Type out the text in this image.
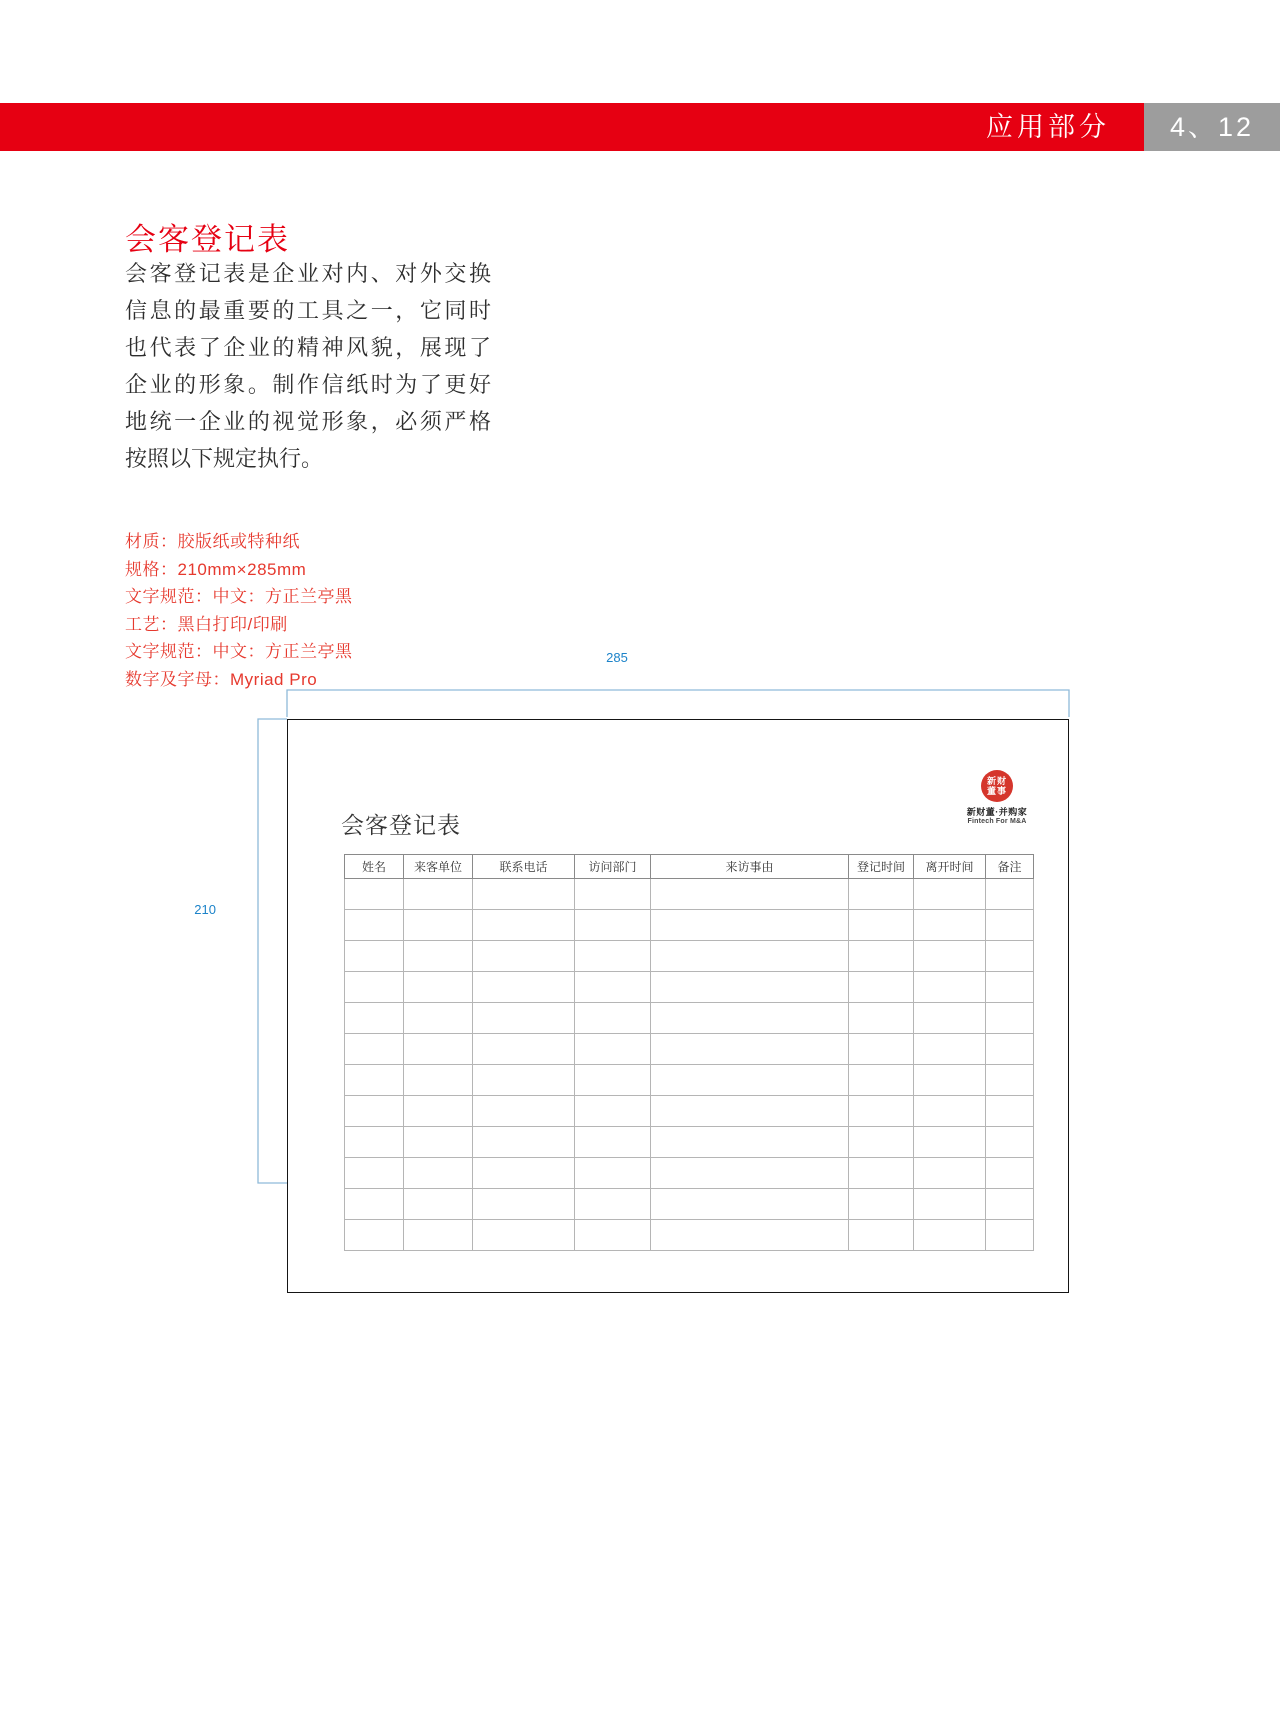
应用部分	4、12
会客登记表
会客登记表是企业对内、对外交换
信息的最重要的工具之一，它同时
也代表了企业的精神风貌，展现了
企业的形象。制作信纸时为了更好
地统一企业的视觉形象，必须严格
按照以下规定执行。
材质：胶版纸或特种纸
规格：210mm×285mm
文字规范：中文：方正兰亭黑
工艺：黑白打印/印刷
文字规范：中文：方正兰亭黑
数字及字母：Myriad Pro
285
210
新财
董事
新财董·并购家
Fintech For M&A
会客登记表
姓名	来客单位	联系电话	访问部门	来访事由	登记时间	离开时间	备注
